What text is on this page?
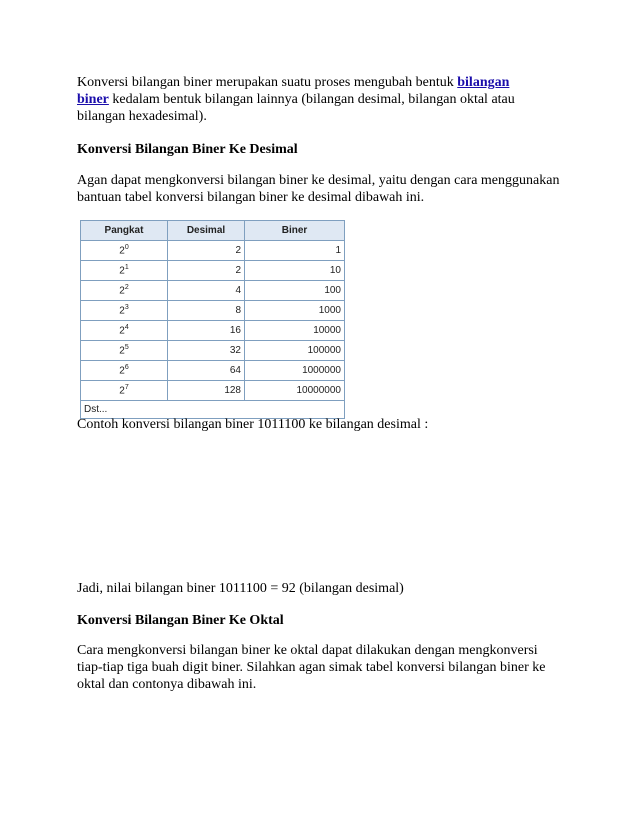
Konversi bilangan biner merupakan suatu proses mengubah bentuk bilangan

biner kedalam bentuk bilangan lainnya (bilangan desimal, bilangan oktal atau

bilangan hexadesimal).

Konversi Bilangan Biner Ke Desimal

Agan dapat mengkonversi bilangan biner ke desimal, yaitu dengan cara menggunakan

bantuan tabel konversi bilangan biner ke desimal dibawah ini.

Pangkat	Desimal	Biner
$2^0$	2	1
$2^1$	2	10
$2^2$	4	100
$2^3$	8	1000
$2^4$	16	10000
$2^5$	32	100000
$2^6$	64	1000000
$2^7$	128	10000000
Dst...		

Contoh konversi bilangan biner 1011100 ke bilangan desimal :

Jadi, nilai bilangan biner 1011100 = 92 (bilangan desimal)

Konversi Bilangan Biner Ke Oktal

Cara mengkonversi bilangan biner ke oktal dapat dilakukan dengan mengkonversi

tiap-tiap tiga buah digit biner. Silahkan agan simak tabel konversi bilangan biner ke

oktal dan contonya dibawah ini.
